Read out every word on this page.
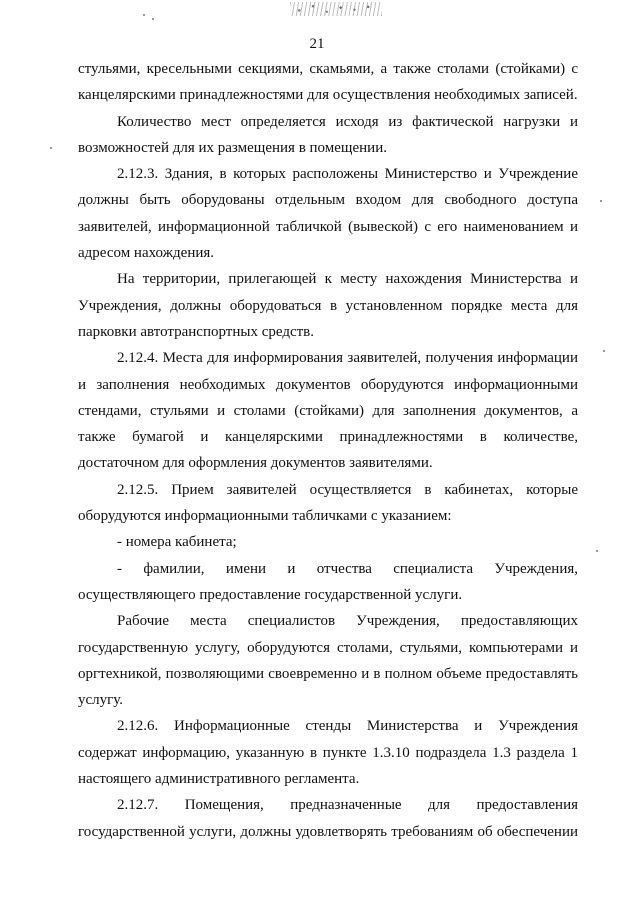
21

стульями, кресельными секциями, скамьями, а также столами (стойками) с канцелярскими принадлежностями для осуществления необходимых записей.

Количество мест определяется исходя из фактической нагрузки и возможностей для их размещения в помещении.

2.12.3. Здания, в которых расположены Министерство и Учреждение должны быть оборудованы отдельным входом для свободного доступа заявителей, информационной табличкой (вывеской) с его наименованием и адресом нахождения.

На территории, прилегающей к месту нахождения Министерства и Учреждения, должны оборудоваться в установленном порядке места для парковки автотранспортных средств.

2.12.4. Места для информирования заявителей, получения информации и заполнения необходимых документов оборудуются информационными стендами, стульями и столами (стойками) для заполнения документов, а также бумагой и канцелярскими принадлежностями в количестве, достаточном для оформления документов заявителями.

2.12.5. Прием заявителей осуществляется в кабинетах, которые оборудуются информационными табличками с указанием:

- номера кабинета;

- фамилии, имени и отчества специалиста Учреждения, осуществляющего предоставление государственной услуги.

Рабочие места специалистов Учреждения, предоставляющих государственную услугу, оборудуются столами, стульями, компьютерами и оргтехникой, позволяющими своевременно и в полном объеме предоставлять услугу.

2.12.6. Информационные стенды Министерства и Учреждения содержат информацию, указанную в пункте 1.3.10 подраздела 1.3 раздела 1 настоящего административного регламента.

2.12.7. Помещения, предназначенные для предоставления государственной услуги, должны удовлетворять требованиям об обеспечении
